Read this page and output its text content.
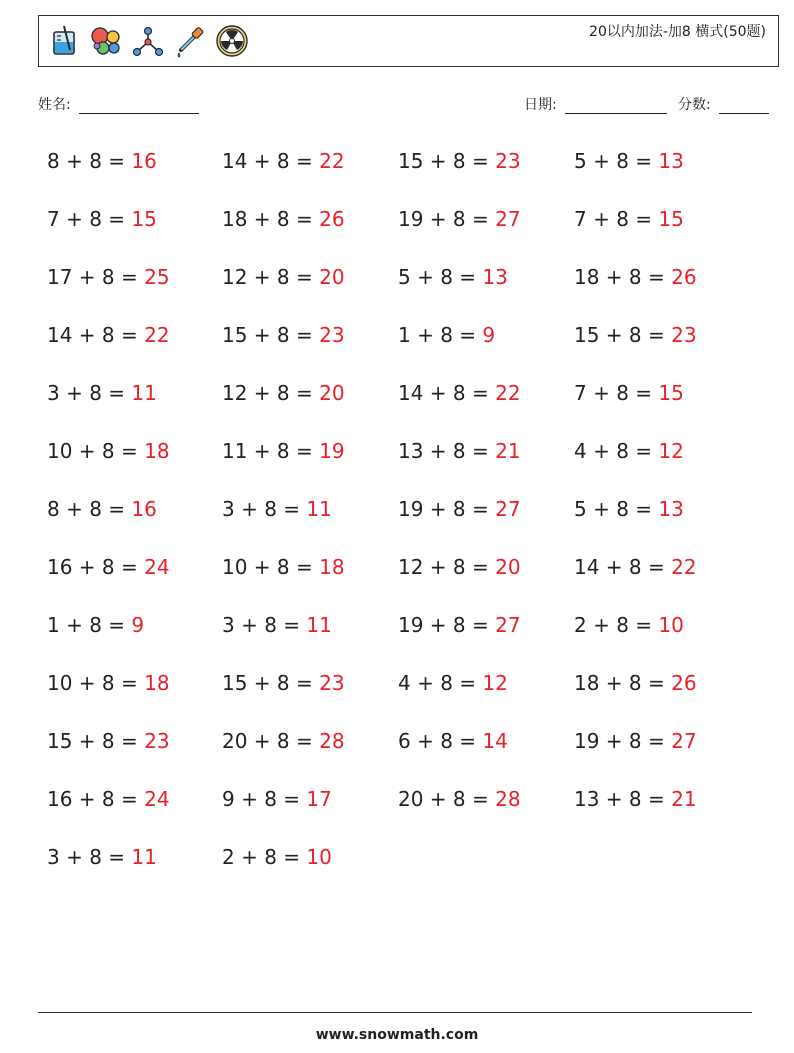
20以内加法-加8 横式(50题)
姓名:	日期:	分数:
8 + 8 = 16
7 + 8 = 15
17 + 8 = 25
14 + 8 = 22
3 + 8 = 11
10 + 8 = 18
8 + 8 = 16
16 + 8 = 24
1 + 8 = 9
10 + 8 = 18
15 + 8 = 23
16 + 8 = 24
3 + 8 = 11
14 + 8 = 22
18 + 8 = 26
12 + 8 = 20
15 + 8 = 23
12 + 8 = 20
11 + 8 = 19
3 + 8 = 11
10 + 8 = 18
3 + 8 = 11
15 + 8 = 23
20 + 8 = 28
9 + 8 = 17
2 + 8 = 10
15 + 8 = 23
19 + 8 = 27
5 + 8 = 13
1 + 8 = 9
14 + 8 = 22
13 + 8 = 21
19 + 8 = 27
12 + 8 = 20
19 + 8 = 27
4 + 8 = 12
6 + 8 = 14
20 + 8 = 28
5 + 8 = 13
7 + 8 = 15
18 + 8 = 26
15 + 8 = 23
7 + 8 = 15
4 + 8 = 12
5 + 8 = 13
14 + 8 = 22
2 + 8 = 10
18 + 8 = 26
19 + 8 = 27
13 + 8 = 21
www.snowmath.com
